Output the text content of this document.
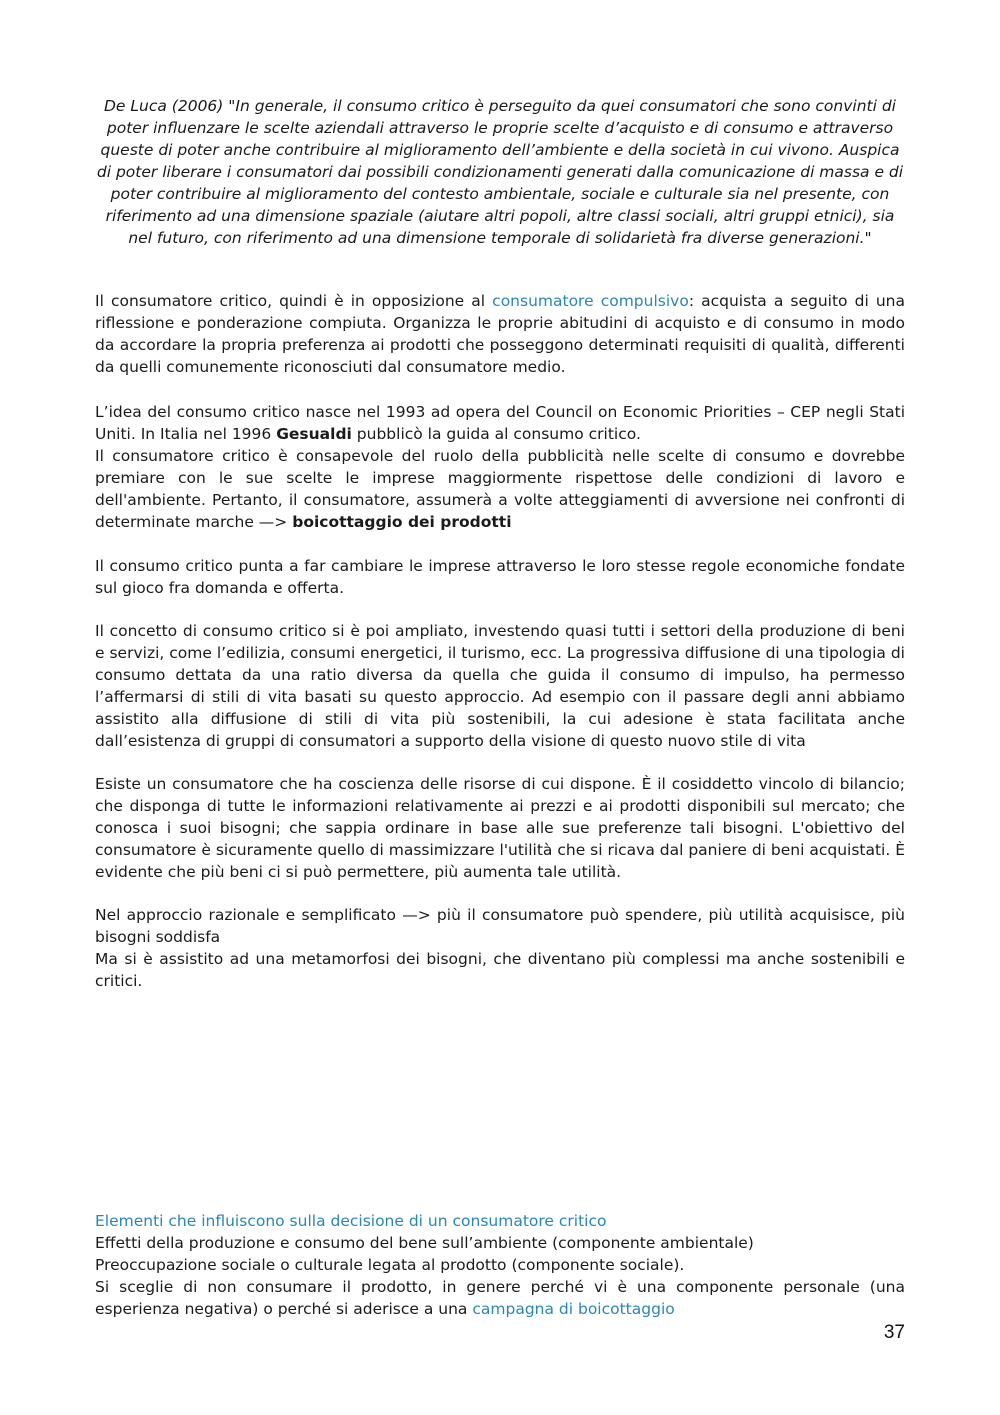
De Luca (2006) "In generale, il consumo critico è perseguito da quei consumatori che sono convinti di poter influenzare le scelte aziendali attraverso le proprie scelte d’acquisto e di consumo e attraverso queste di poter anche contribuire al miglioramento dell’ambiente e della società in cui vivono. Auspica di poter liberare i consumatori dai possibili condizionamenti generati dalla comunicazione di massa e di poter contribuire al miglioramento del contesto ambientale, sociale e culturale sia nel presente, con riferimento ad una dimensione spaziale (aiutare altri popoli, altre classi sociali, altri gruppi etnici), sia nel futuro, con riferimento ad una dimensione temporale di solidarietà fra diverse generazioni."

Il consumatore critico, quindi è in opposizione al consumatore compulsivo: acquista a seguito di una riflessione e ponderazione compiuta. Organizza le proprie abitudini di acquisto e di consumo in modo da accordare la propria preferenza ai prodotti che posseggono determinati requisiti di qualità, differenti da quelli comunemente riconosciuti dal consumatore medio.

L’idea del consumo critico nasce nel 1993 ad opera del Council on Economic Priorities – CEP negli Stati Uniti. In Italia nel 1996 Gesualdi pubblicò la guida al consumo critico.

Il consumatore critico è consapevole del ruolo della pubblicità nelle scelte di consumo e dovrebbe premiare con le sue scelte le imprese maggiormente rispettose delle condizioni di lavoro e dell'ambiente. Pertanto, il consumatore, assumerà a volte atteggiamenti di avversione nei confronti di determinate marche —> boicottaggio dei prodotti

Il consumo critico punta a far cambiare le imprese attraverso le loro stesse regole economiche fondate sul gioco fra domanda e offerta.

Il concetto di consumo critico si è poi ampliato, investendo quasi tutti i settori della produzione di beni e servizi, come l’edilizia, consumi energetici, il turismo, ecc. La progressiva diffusione di una tipologia di consumo dettata da una ratio diversa da quella che guida il consumo di impulso, ha permesso l’affermarsi di stili di vita basati su questo approccio. Ad esempio con il passare degli anni abbiamo assistito alla diffusione di stili di vita più sostenibili, la cui adesione è stata facilitata anche dall’esistenza di gruppi di consumatori a supporto della visione di questo nuovo stile di vita

Esiste un consumatore che ha coscienza delle risorse di cui dispone. È il cosiddetto vincolo di bilancio; che disponga di tutte le informazioni relativamente ai prezzi e ai prodotti disponibili sul mercato; che conosca i suoi bisogni; che sappia ordinare in base alle sue preferenze tali bisogni. L'obiettivo del consumatore è sicuramente quello di massimizzare l'utilità che si ricava dal paniere di beni acquistati. È evidente che più beni ci si può permettere, più aumenta tale utilità.

Nel approccio razionale e semplificato —> più il consumatore può spendere, più utilità acquisisce, più bisogni soddisfa

Ma si è assistito ad una metamorfosi dei bisogni, che diventano più complessi ma anche sostenibili e critici.

Elementi che influiscono sulla decisione di un consumatore critico

Effetti della produzione e consumo del bene sull’ambiente (componente ambientale)

Preoccupazione sociale o culturale legata al prodotto (componente sociale).

Si sceglie di non consumare il prodotto, in genere perché vi è una componente personale (una esperienza negativa) o perché si aderisce a una campagna di boicottaggio

37
